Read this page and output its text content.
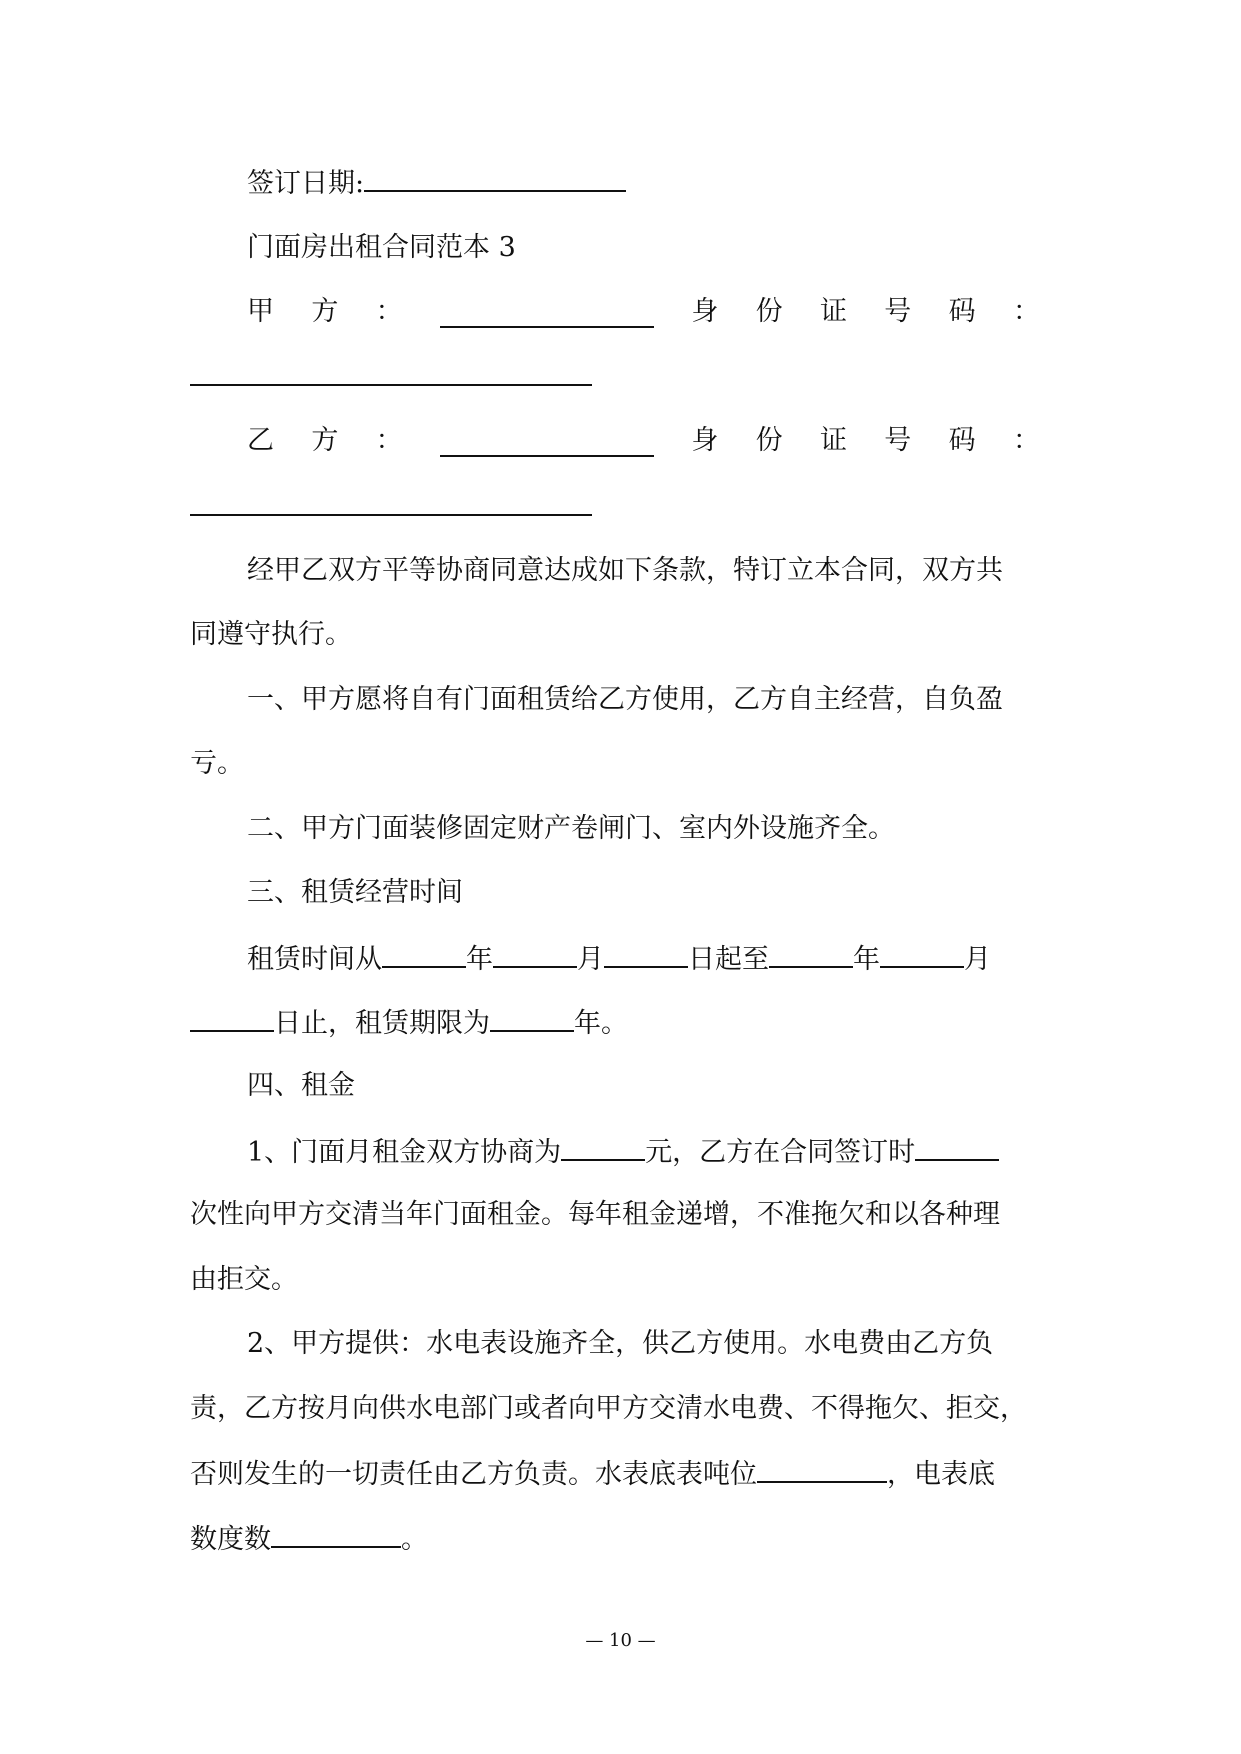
签订日期:
门面房出租合同范本 3
甲 方 ：	身 份 证 号 码 ：
乙 方 ：	身 份 证 号 码 ：
经甲乙双方平等协商同意达成如下条款，特订立本合同，双方共
同遵守执行。
一、甲方愿将自有门面租赁给乙方使用，乙方自主经营，自负盈
亏。
二、甲方门面装修固定财产卷闸门、室内外设施齐全。
三、租赁经营时间
租赁时间从	年	月	日起至	年	月
日止，租赁期限为	年。
四、租金
1、门面月租金双方协商为	元，乙方在合同签订时
次性向甲方交清当年门面租金。每年租金递增，不准拖欠和以各种理
由拒交。
2、甲方提供：水电表设施齐全，供乙方使用。水电费由乙方负
责，乙方按月向供水电部门或者向甲方交清水电费、不得拖欠、拒交，
否则发生的一切责任由乙方负责。水表底表吨位	，电表底
数度数	。
— 10 —
